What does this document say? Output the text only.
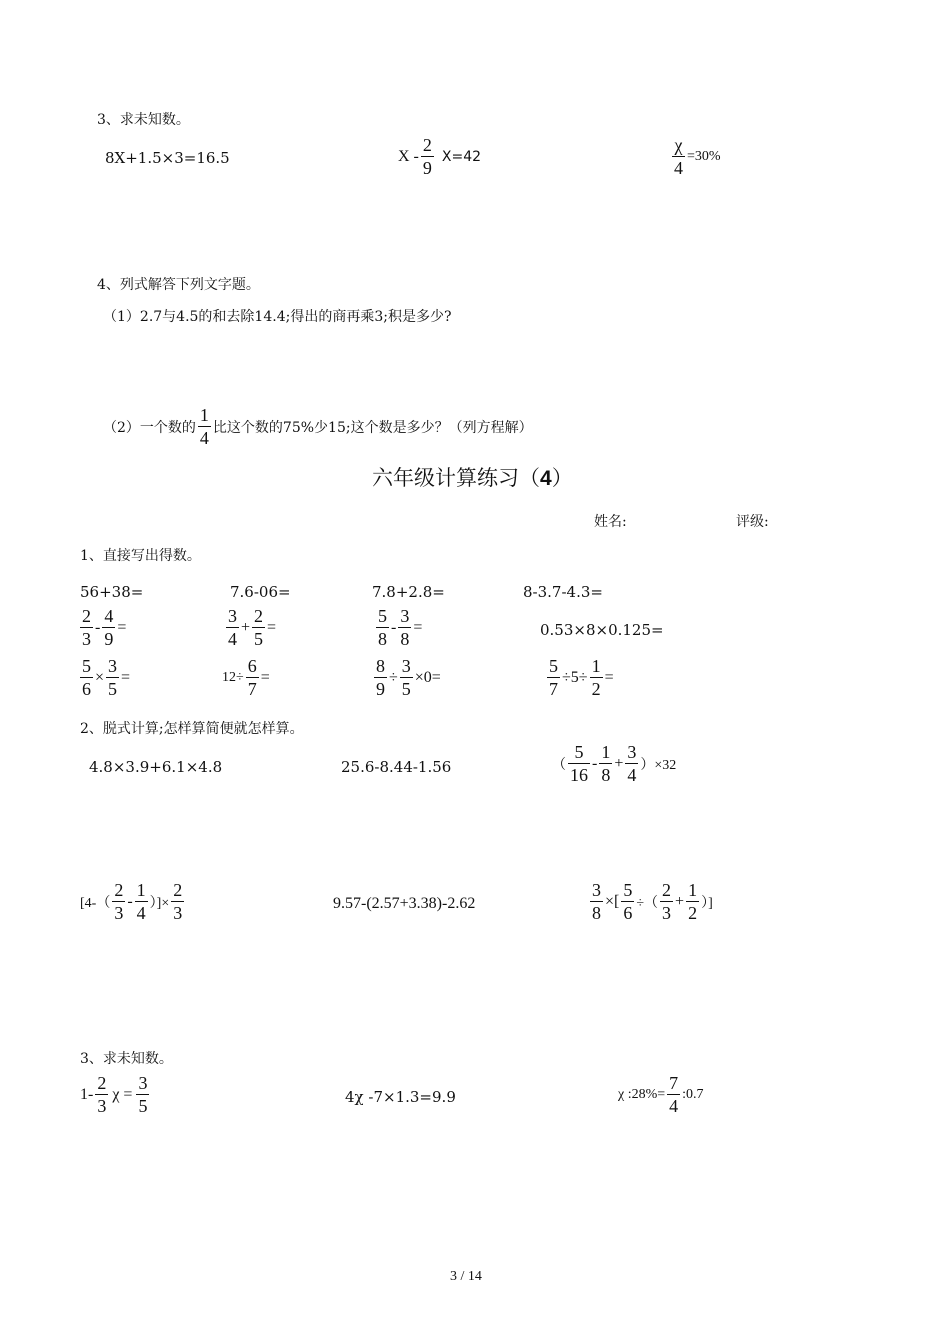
3、求未知数。
8X+1.5×3=16.5	$X - \frac{2}{9} X=42$	$\frac{\chi}{4} =30\%$
4、列式解答下列文字题。
（1）2.7与4.5的和去除14.4;得出的商再乘3;积是多少?
（2）一个数的 $\frac{1}{4}$ 比这个数的75%少15;这个数是多少？（列方程解）
六年级计算练习（4）
姓名:	评级:
1、直接写出得数。
56+38=	7.6-06=	7.8+2.8=	8-3.7-4.3=
$\frac{2}{3} - \frac{4}{9}$ =	$\frac{3}{4} + \frac{2}{5}$ =	$\frac{5}{8} - \frac{3}{8}$ =	0.53×8×0.125=
$\frac{5}{6} \times \frac{3}{5}$ =	$12\div \frac{6}{7}$ =	$\frac{8}{9} \div \frac{3}{5} \times 0=$	$\frac{5}{7} \div 5\div \frac{1}{2}$ =
2、脱式计算;怎样算简便就怎样算。
4.8×3.9+6.1×4.8	25.6-8.44-1.56	（ $\frac{5}{16} - \frac{1}{8} + \frac{3}{4} )\times 32$
[$4-( \frac{2}{3} - \frac{1}{4}$ ）]× $\frac{2}{3}$	9.57-(2.57+3.38)-2.62	$\frac{3}{8}$ ×[ $\frac{5}{6}$ ÷（ $\frac{2}{3} + \frac{1}{2}$ ）]
3、求未知数。
$1- \frac{2}{3}$ $\chi = \frac{3}{5}$	4χ -7×1.3=9.9	χ :28%= $\frac{7}{4}$ :0.7
3 / 14
